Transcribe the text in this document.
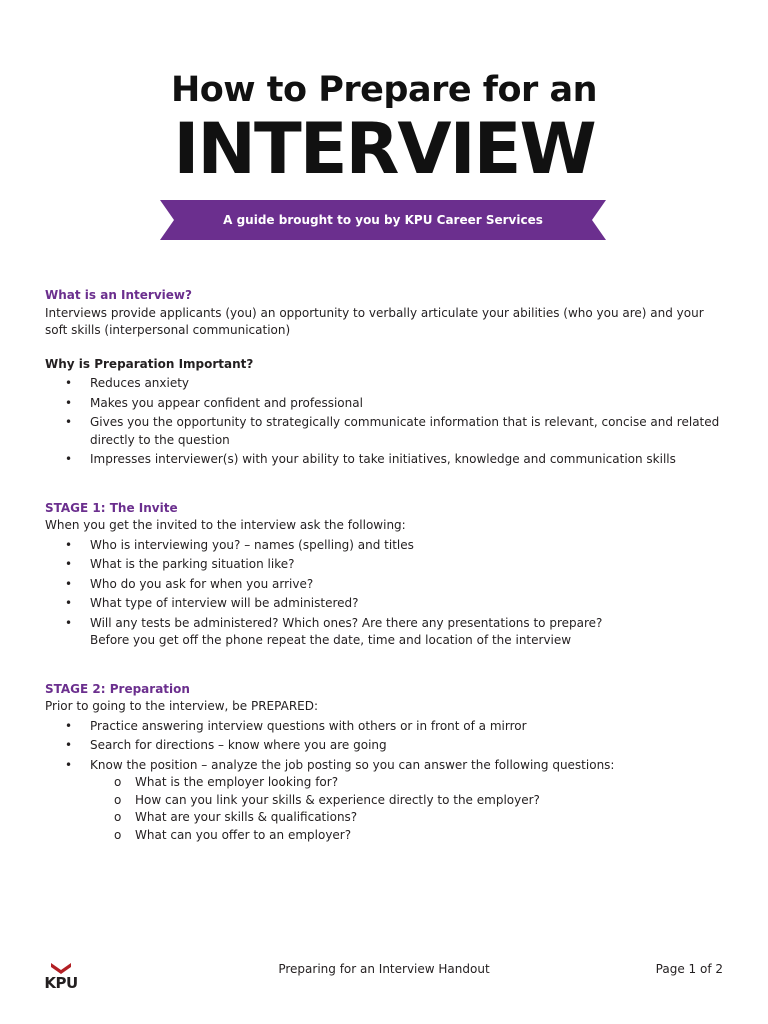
How to Prepare for an
INTERVIEW
A guide brought to you by KPU Career Services
What is an Interview?

Interviews provide applicants (you) an opportunity to verbally articulate your abilities (who you are) and your soft skills (interpersonal communication)

Why is Preparation Important?
• Reduces anxiety
• Makes you appear confident and professional
• Gives you the opportunity to strategically communicate information that is relevant, concise and related directly to the question
• Impresses interviewer(s) with your ability to take initiatives, knowledge and communication skills
STAGE 1: The Invite

When you get the invited to the interview ask the following:

• Who is interviewing you? – names (spelling) and titles
• What is the parking situation like?
• Who do you ask for when you arrive?
• What type of interview will be administered?
• Will any tests be administered? Which ones? Are there any presentations to prepare?
Before you get off the phone repeat the date, time and location of the interview
STAGE 2: Preparation

Prior to going to the interview, be PREPARED:

• Practice answering interview questions with others or in front of a mirror
• Search for directions – know where you are going
• Know the position – analyze the job posting so you can answer the following questions:
o What is the employer looking for?
o How can you link your skills & experience directly to the employer?
o What are your skills & qualifications?
o What can you offer to an employer?
KPU
Preparing for an Interview Handout	Page 1 of 2
